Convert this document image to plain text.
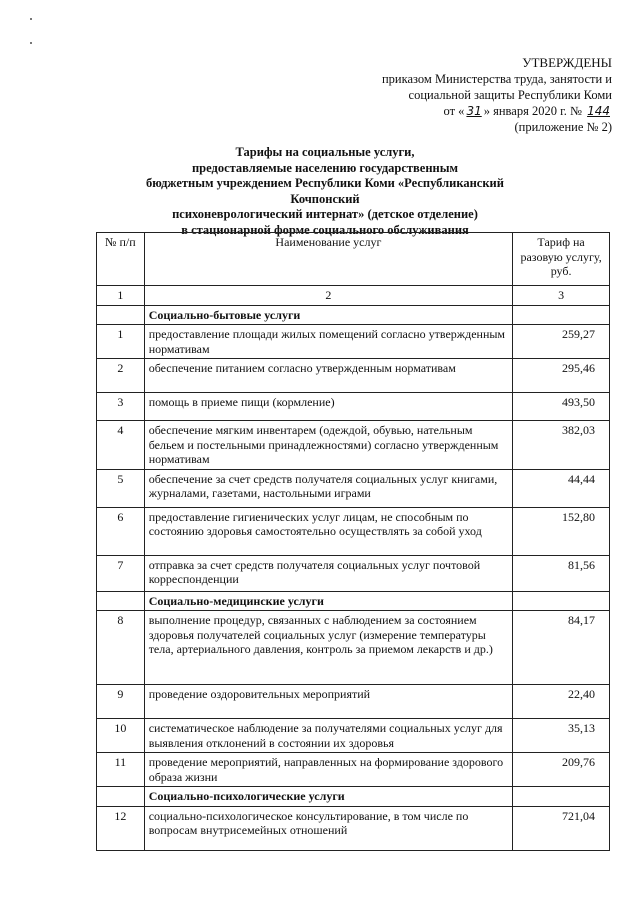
УТВЕРЖДЕНЫ
приказом Министерства труда, занятости и
социальной защиты Республики Коми
от « 31 » января 2020 г. № 144
(приложение № 2)
Тарифы на социальные услуги,
предоставляемые населению государственным
бюджетным учреждением Республики Коми «Республиканский Кочпонский
психоневрологический интернат» (детское отделение)
в стационарной форме социального обслуживания
№ п/п	Наименование услуг	Тариф на разовую услугу, руб.
1	2	3
	Социально-бытовые услуги	
1	предоставление площади жилых помещений согласно утвержденным нормативам	259,27
2	обеспечение питанием согласно утвержденным нормативам	295,46
3	помощь в приеме пищи (кормление)	493,50
4	обеспечение мягким инвентарем (одеждой, обувью, нательным бельем и постельными принадлежностями) согласно утвержденным нормативам	382,03
5	обеспечение за счет средств получателя социальных услуг книгами, журналами, газетами, настольными играми	44,44
6	предоставление гигиенических услуг лицам, не способным по состоянию здоровья самостоятельно осуществлять за собой уход	152,80
7	отправка за счет средств получателя социальных услуг почтовой корреспонденции	81,56
	Социально-медицинские услуги	
8	выполнение процедур, связанных с наблюдением за состоянием здоровья получателей социальных услуг (измерение температуры тела, артериального давления, контроль за приемом лекарств и др.)	84,17
9	проведение оздоровительных мероприятий	22,40
10	систематическое наблюдение за получателями социальных услуг для выявления отклонений в состоянии их здоровья	35,13
11	проведение мероприятий, направленных на формирование здорового образа жизни	209,76
	Социально-психологические услуги	
12	социально-психологическое консультирование, в том числе по вопросам внутрисемейных отношений	721,04
